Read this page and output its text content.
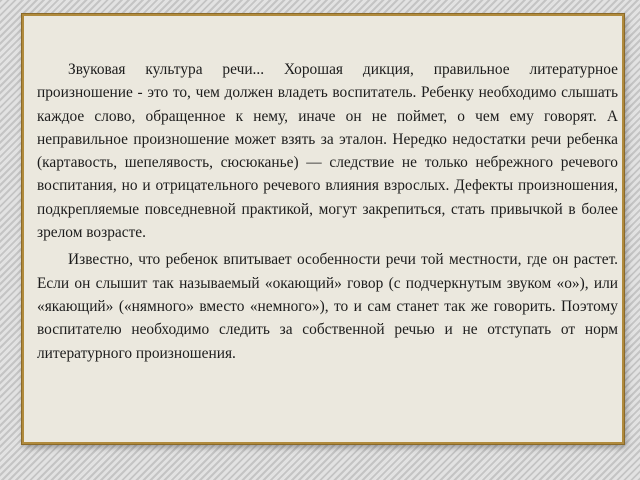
Звуковая культура речи... Хорошая дикция, правильное литературное произношение - это то, чем должен владеть воспитатель. Ребенку необходимо слышать каждое слово, обращенное к нему, иначе он не поймет, о чем ему говорят. А неправильное произношение может взять за эталон. Нередко недостатки речи ребенка (картавость, шепелявость, сюсюканье) — следствие не только небрежного речевого воспитания, но и отрицательного речевого влияния взрослых. Дефекты произношения, подкрепляемые повседневной практикой, могут закрепиться, стать привычкой в более зрелом возрасте.

Известно, что ребенок впитывает особенности речи той местности, где он растет. Если он слышит так называемый «окающий» говор (с подчеркнутым звуком «о»), или «якающий» («нямного» вместо «немного»), то и сам станет так же говорить. Поэтому воспитателю необходимо следить за собственной речью и не отступать от норм литературного произношения.
